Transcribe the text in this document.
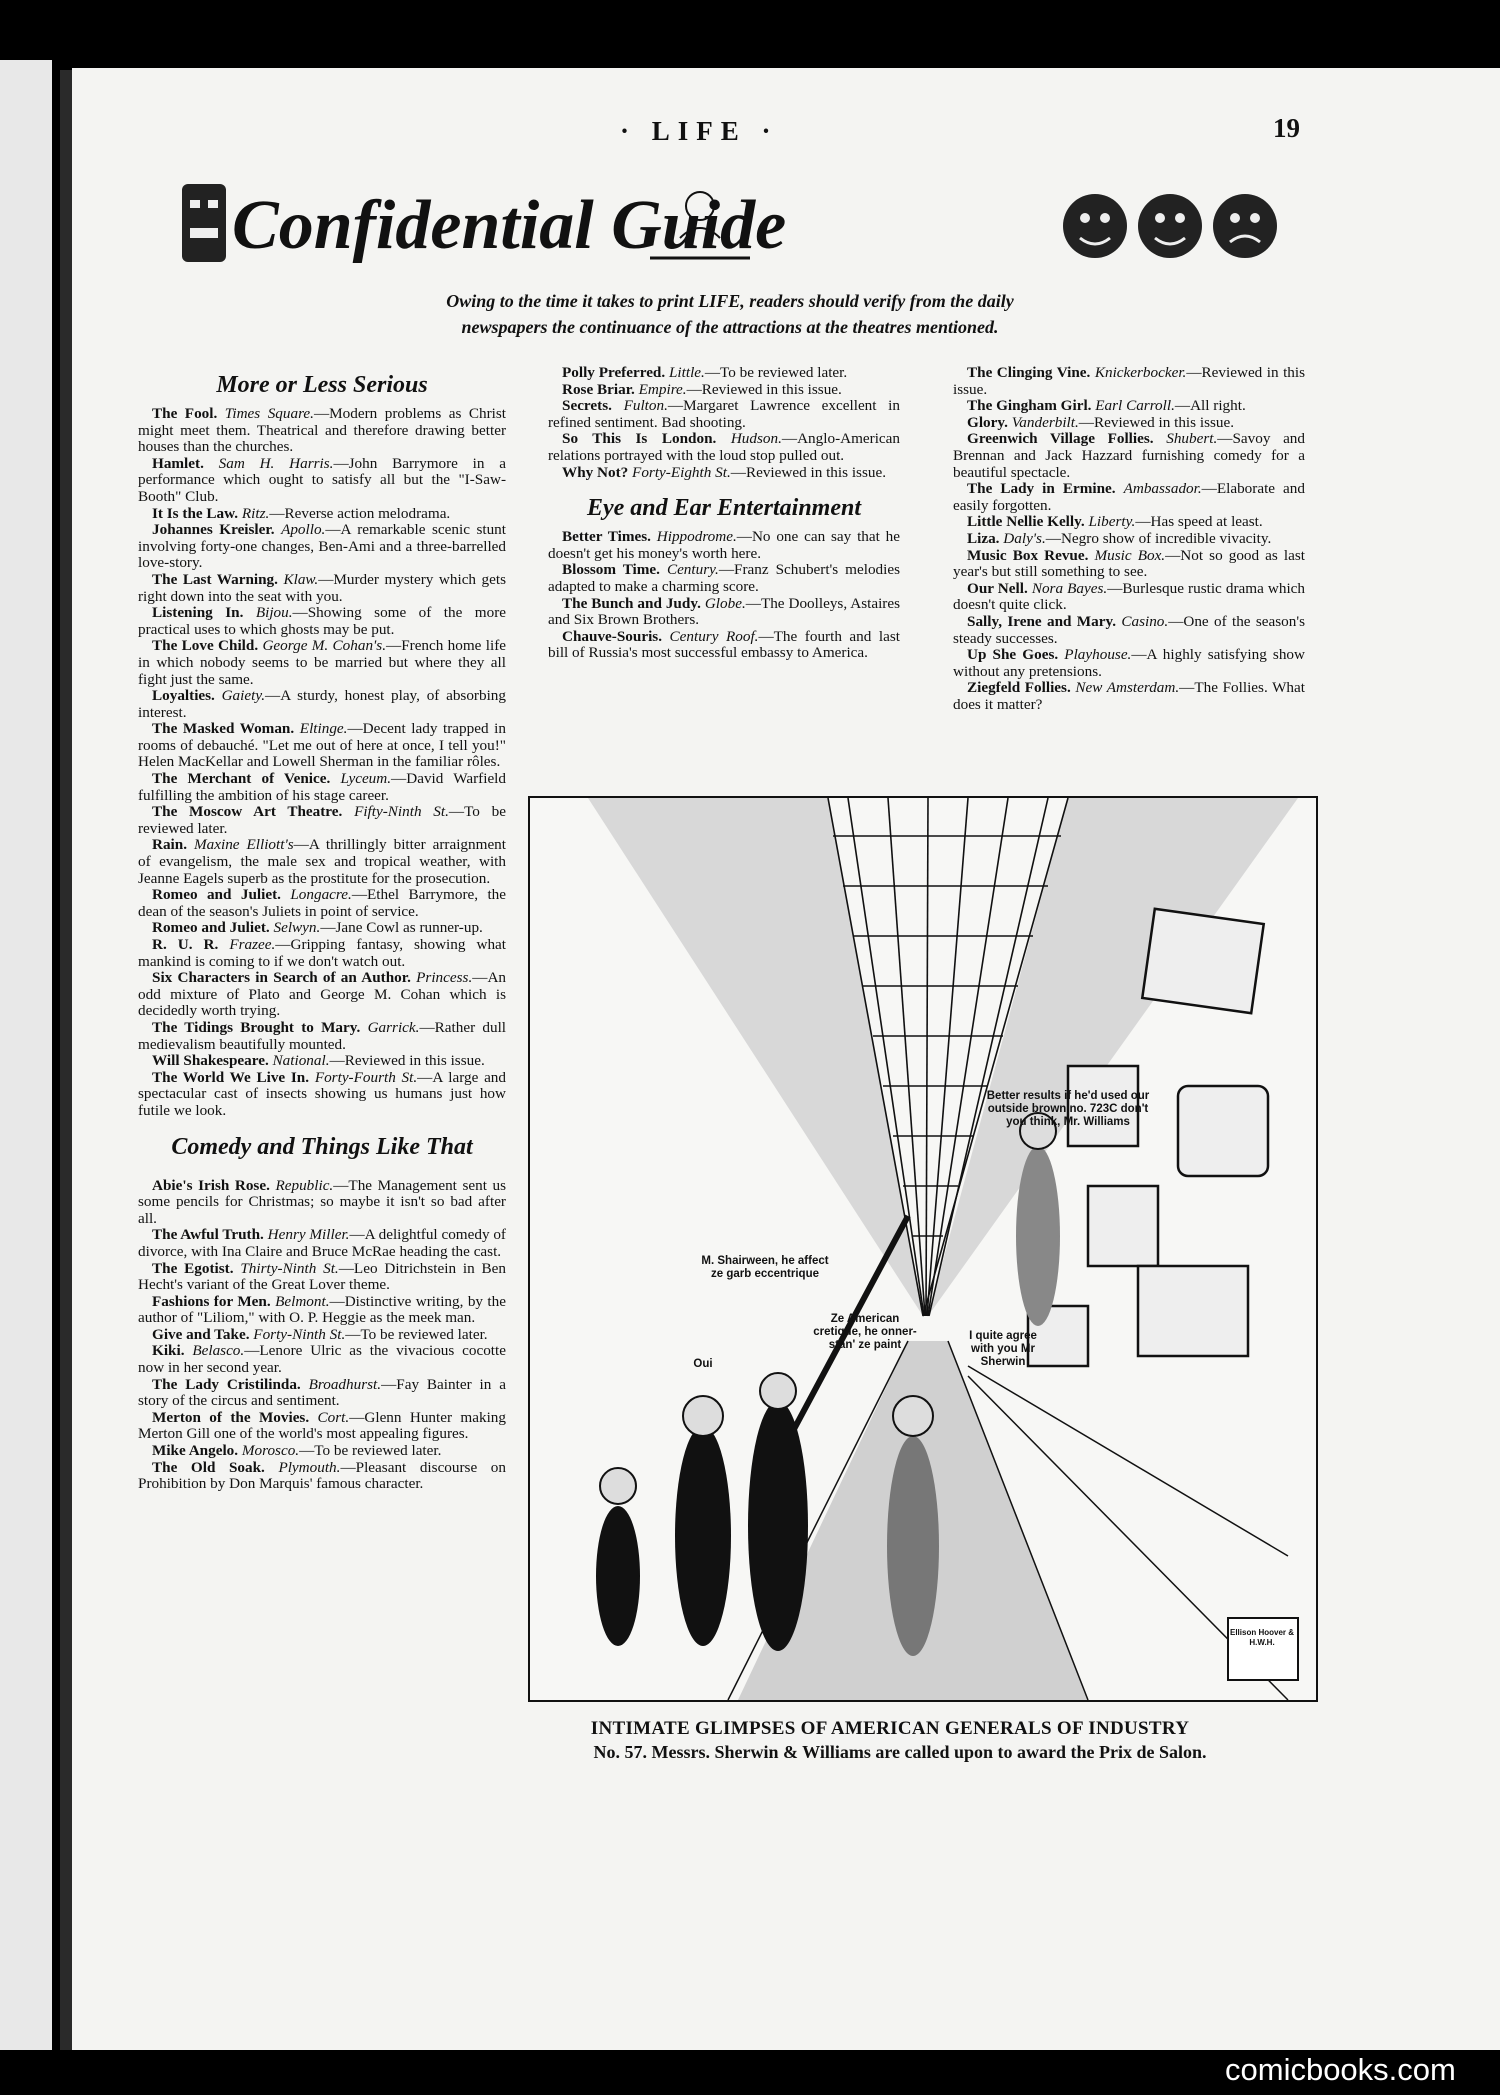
· LIFE ·	19
Confidential Guide
Owing to the time it takes to print LIFE, readers should verify from the daily
newspapers the continuance of the attractions at the theatres mentioned.
More or Less Serious

The Fool. Times Square.—Modern problems as Christ might meet them. Theatrical and therefore drawing better houses than the churches.

Hamlet. Sam H. Harris.—John Barrymore in a performance which ought to satisfy all but the "I-Saw-Booth" Club.

It Is the Law. Ritz.—Reverse action melodrama.

Johannes Kreisler. Apollo.—A remarkable scenic stunt involving forty-one changes, Ben-Ami and a three-barrelled love-story.

The Last Warning. Klaw.—Murder mystery which gets right down into the seat with you.

Listening In. Bijou.—Showing some of the more practical uses to which ghosts may be put.

The Love Child. George M. Cohan's.—French home life in which nobody seems to be married but where they all fight just the same.

Loyalties. Gaiety.—A sturdy, honest play, of absorbing interest.

The Masked Woman. Eltinge.—Decent lady trapped in rooms of debauché. "Let me out of here at once, I tell you!" Helen MacKellar and Lowell Sherman in the familiar rôles.

The Merchant of Venice. Lyceum.—David Warfield fulfilling the ambition of his stage career.

The Moscow Art Theatre. Fifty-Ninth St.—To be reviewed later.

Rain. Maxine Elliott's—A thrillingly bitter arraignment of evangelism, the male sex and tropical weather, with Jeanne Eagels superb as the prostitute for the prosecution.

Romeo and Juliet. Longacre.—Ethel Barrymore, the dean of the season's Juliets in point of service.

Romeo and Juliet. Selwyn.—Jane Cowl as runner-up.

R. U. R. Frazee.—Gripping fantasy, showing what mankind is coming to if we don't watch out.

Six Characters in Search of an Author. Princess.—An odd mixture of Plato and George M. Cohan which is decidedly worth trying.

The Tidings Brought to Mary. Garrick.—Rather dull medievalism beautifully mounted.

Will Shakespeare. National.—Reviewed in this issue.

The World We Live In. Forty-Fourth St.—A large and spectacular cast of insects showing us humans just how futile we look.

Comedy and Things Like That

Abie's Irish Rose. Republic.—The Management sent us some pencils for Christmas; so maybe it isn't so bad after all.

The Awful Truth. Henry Miller.—A delightful comedy of divorce, with Ina Claire and Bruce McRae heading the cast.

The Egotist. Thirty-Ninth St.—Leo Ditrichstein in Ben Hecht's variant of the Great Lover theme.

Fashions for Men. Belmont.—Distinctive writing, by the author of "Liliom," with O. P. Heggie as the meek man.

Give and Take. Forty-Ninth St.—To be reviewed later.

Kiki. Belasco.—Lenore Ulric as the vivacious cocotte now in her second year.

The Lady Cristilinda. Broadhurst.—Fay Bainter in a story of the circus and sentiment.

Merton of the Movies. Cort.—Glenn Hunter making Merton Gill one of the world's most appealing figures.

Mike Angelo. Morosco.—To be reviewed later.

The Old Soak. Plymouth.—Pleasant discourse on Prohibition by Don Marquis' famous character.

Polly Preferred. Little.—To be reviewed later.

Rose Briar. Empire.—Reviewed in this issue.

Secrets. Fulton.—Margaret Lawrence excellent in refined sentiment. Bad shooting.

So This Is London. Hudson.—Anglo-American relations portrayed with the loud stop pulled out.

Why Not? Forty-Eighth St.—Reviewed in this issue.

Eye and Ear Entertainment

Better Times. Hippodrome.—No one can say that he doesn't get his money's worth here.

Blossom Time. Century.—Franz Schubert's melodies adapted to make a charming score.

The Bunch and Judy. Globe.—The Doolleys, Astaires and Six Brown Brothers.

Chauve-Souris. Century Roof.—The fourth and last bill of Russia's most successful embassy to America.

The Clinging Vine. Knickerbocker.—Reviewed in this issue.

The Gingham Girl. Earl Carroll.—All right.

Glory. Vanderbilt.—Reviewed in this issue.

Greenwich Village Follies. Shubert.—Savoy and Brennan and Jack Hazzard furnishing comedy for a beautiful spectacle.

The Lady in Ermine. Ambassador.—Elaborate and easily forgotten.

Little Nellie Kelly. Liberty.—Has speed at least.

Liza. Daly's.—Negro show of incredible vivacity.

Music Box Revue. Music Box.—Not so good as last year's but still something to see.

Our Nell. Nora Bayes.—Burlesque rustic drama which doesn't quite click.

Sally, Irene and Mary. Casino.—One of the season's steady successes.

Up She Goes. Playhouse.—A highly satisfying show without any pretensions.

Ziegfeld Follies. New Amsterdam.—The Follies. What does it matter?

Better results if he'd used our outside brown no. 723C don't you think, Mr. Williams
M. Shairween, he affect ze garb eccentrique
Ze American cretique, he onner-stan' ze paint
Oui
I quite agree with you Mr Sherwin
Ellison Hoover & H.W.H.
INTIMATE GLIMPSES OF AMERICAN GENERALS OF INDUSTRY
No. 57. Messrs. Sherwin & Williams are called upon to award the Prix de Salon.
comicbooks.com
